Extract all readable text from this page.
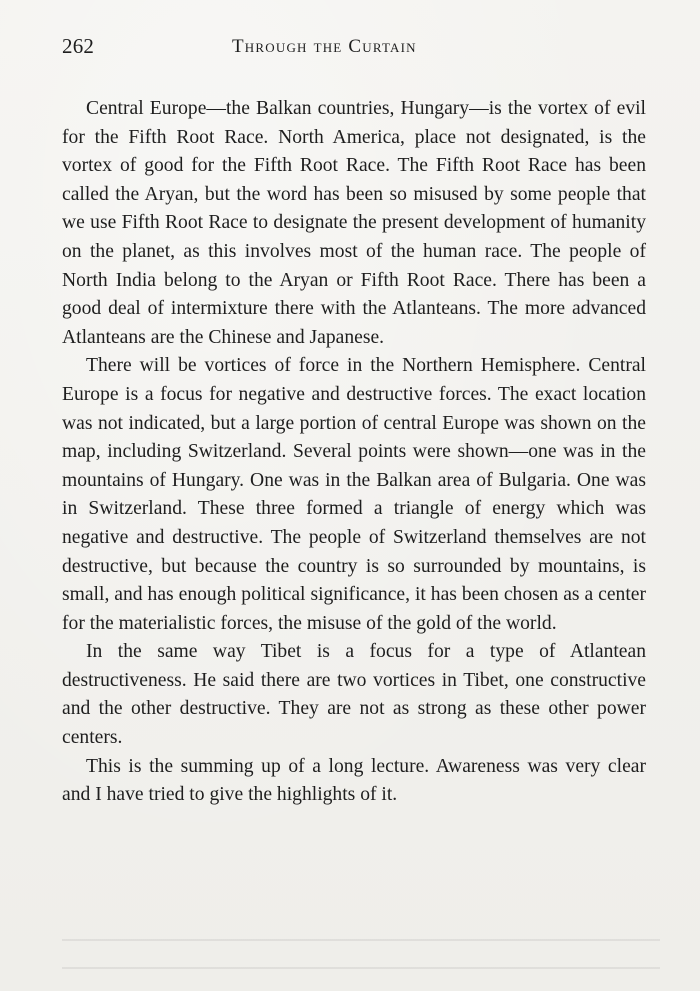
262	Through the Curtain

Central Europe—the Balkan countries, Hungary—is the vortex of evil for the Fifth Root Race. North America, place not designated, is the vortex of good for the Fifth Root Race. The Fifth Root Race has been called the Aryan, but the word has been so misused by some people that we use Fifth Root Race to designate the present development of humanity on the planet, as this involves most of the human race. The people of North India belong to the Aryan or Fifth Root Race. There has been a good deal of intermixture there with the Atlanteans. The more advanced Atlanteans are the Chinese and Japanese.

There will be vortices of force in the Northern Hemisphere. Central Europe is a focus for negative and destructive forces. The exact location was not indicated, but a large portion of central Europe was shown on the map, including Switzerland. Several points were shown—one was in the mountains of Hungary. One was in the Balkan area of Bulgaria. One was in Switzerland. These three formed a triangle of energy which was negative and destructive. The people of Switzerland themselves are not destructive, but because the country is so surrounded by mountains, is small, and has enough political significance, it has been chosen as a center for the materialistic forces, the misuse of the gold of the world.

In the same way Tibet is a focus for a type of Atlantean destructiveness. He said there are two vortices in Tibet, one constructive and the other destructive. They are not as strong as these other power centers.

This is the summing up of a long lecture. Awareness was very clear and I have tried to give the highlights of it.
